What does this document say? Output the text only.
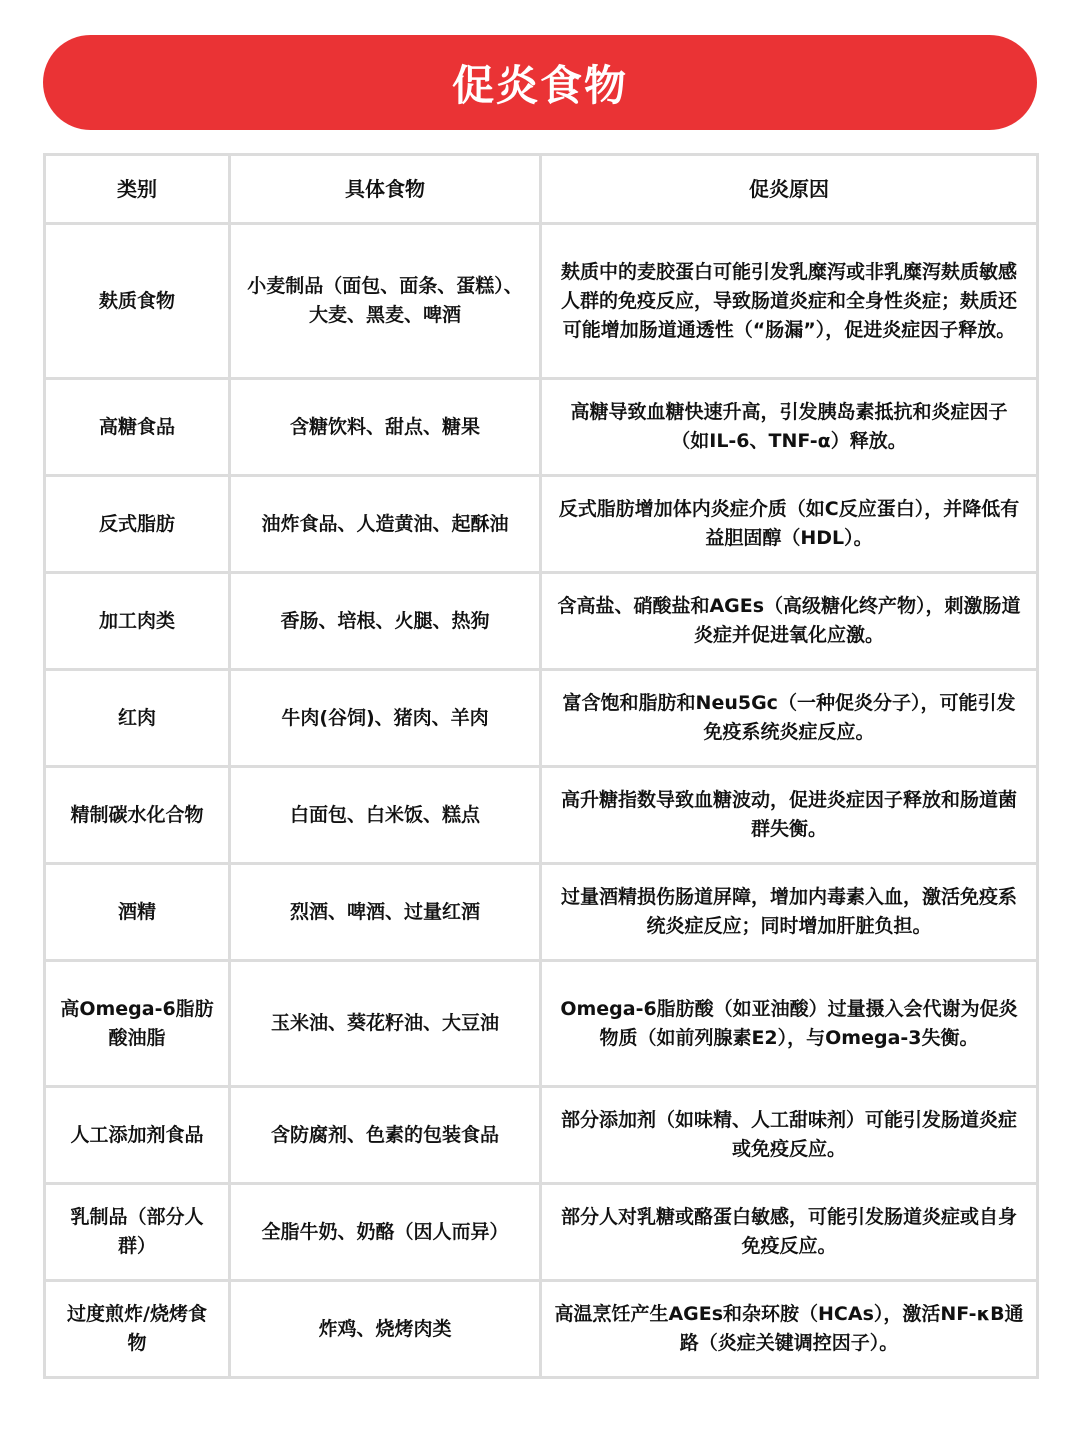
促炎食物
类别	具体食物	促炎原因
麸质食物	小麦制品（面包、面条、蛋糕）、大麦、黑麦、啤酒	麸质中的麦胶蛋白可能引发乳糜泻或非乳糜泻麸质敏感人群的免疫反应，导致肠道炎症和全身性炎症；麸质还可能增加肠道通透性（“肠漏”），促进炎症因子释放。
高糖食品	含糖饮料、甜点、糖果	高糖导致血糖快速升高，引发胰岛素抵抗和炎症因子（如IL-6、TNF-α）释放。
反式脂肪	油炸食品、人造黄油、起酥油	反式脂肪增加体内炎症介质（如C反应蛋白），并降低有益胆固醇（HDL）。
加工肉类	香肠、培根、火腿、热狗	含高盐、硝酸盐和AGEs（高级糖化终产物），刺激肠道炎症并促进氧化应激。
红肉	牛肉(谷饲)、猪肉、羊肉	富含饱和脂肪和Neu5Gc（一种促炎分子），可能引发免疫系统炎症反应。
精制碳水化合物	白面包、白米饭、糕点	高升糖指数导致血糖波动，促进炎症因子释放和肠道菌群失衡。
酒精	烈酒、啤酒、过量红酒	过量酒精损伤肠道屏障，增加内毒素入血，激活免疫系统炎症反应；同时增加肝脏负担。
高Omega-6脂肪酸油脂	玉米油、葵花籽油、大豆油	Omega-6脂肪酸（如亚油酸）过量摄入会代谢为促炎物质（如前列腺素E2），与Omega-3失衡。
人工添加剂食品	含防腐剂、色素的包装食品	部分添加剂（如味精、人工甜味剂）可能引发肠道炎症或免疫反应。
乳制品（部分人群）	全脂牛奶、奶酪（因人而异）	部分人对乳糖或酪蛋白敏感，可能引发肠道炎症或自身免疫反应。
过度煎炸/烧烤食物	炸鸡、烧烤肉类	高温烹饪产生AGEs和杂环胺（HCAs），激活NF-κB通路（炎症关键调控因子）。
